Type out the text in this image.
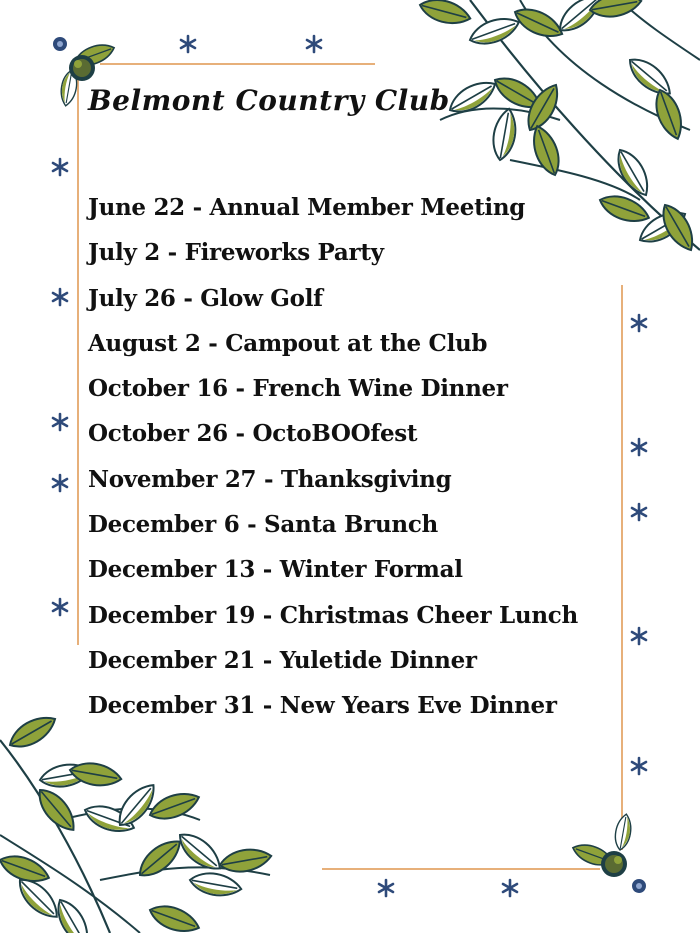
Belmont Country Club
June 22 - Annual Member Meeting
July 2 - Fireworks Party
July 26 - Glow Golf
August 2 - Campout at the Club
October 16 - French Wine Dinner
October 26 - OctoBOOfest
November 27 - Thanksgiving
December 6 - Santa Brunch
December 13 - Winter Formal
December 19 - Christmas Cheer Lunch
December 21 - Yuletide Dinner
December 31 - New Years Eve Dinner
